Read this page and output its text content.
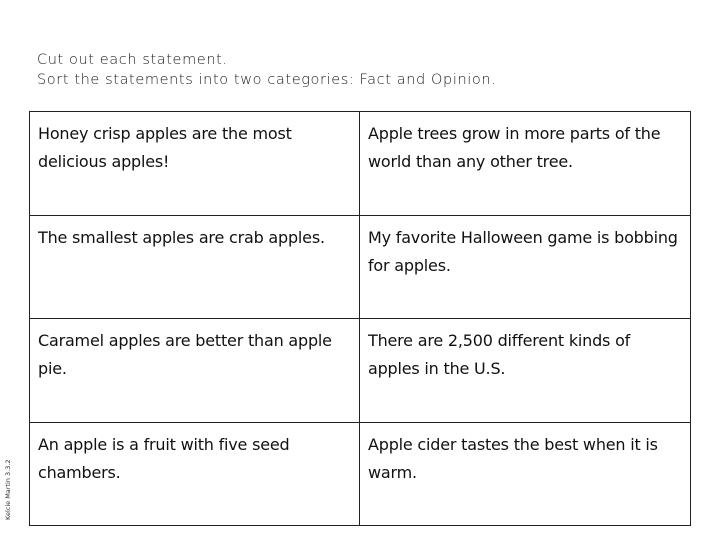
Cut out each statement.
Sort the statements into two categories: Fact and Opinion.
Honey crisp apples are the most delicious apples!	Apple trees grow in more parts of the world than any other tree.
The smallest apples are crab apples.	My favorite Halloween game is bobbing for apples.
Caramel apples are better than apple pie.	There are 2,500 different kinds of apples in the U.S.
An apple is a fruit with five seed chambers.	Apple cider tastes the best when it is warm.
Kelcie Martin 3.3.2
